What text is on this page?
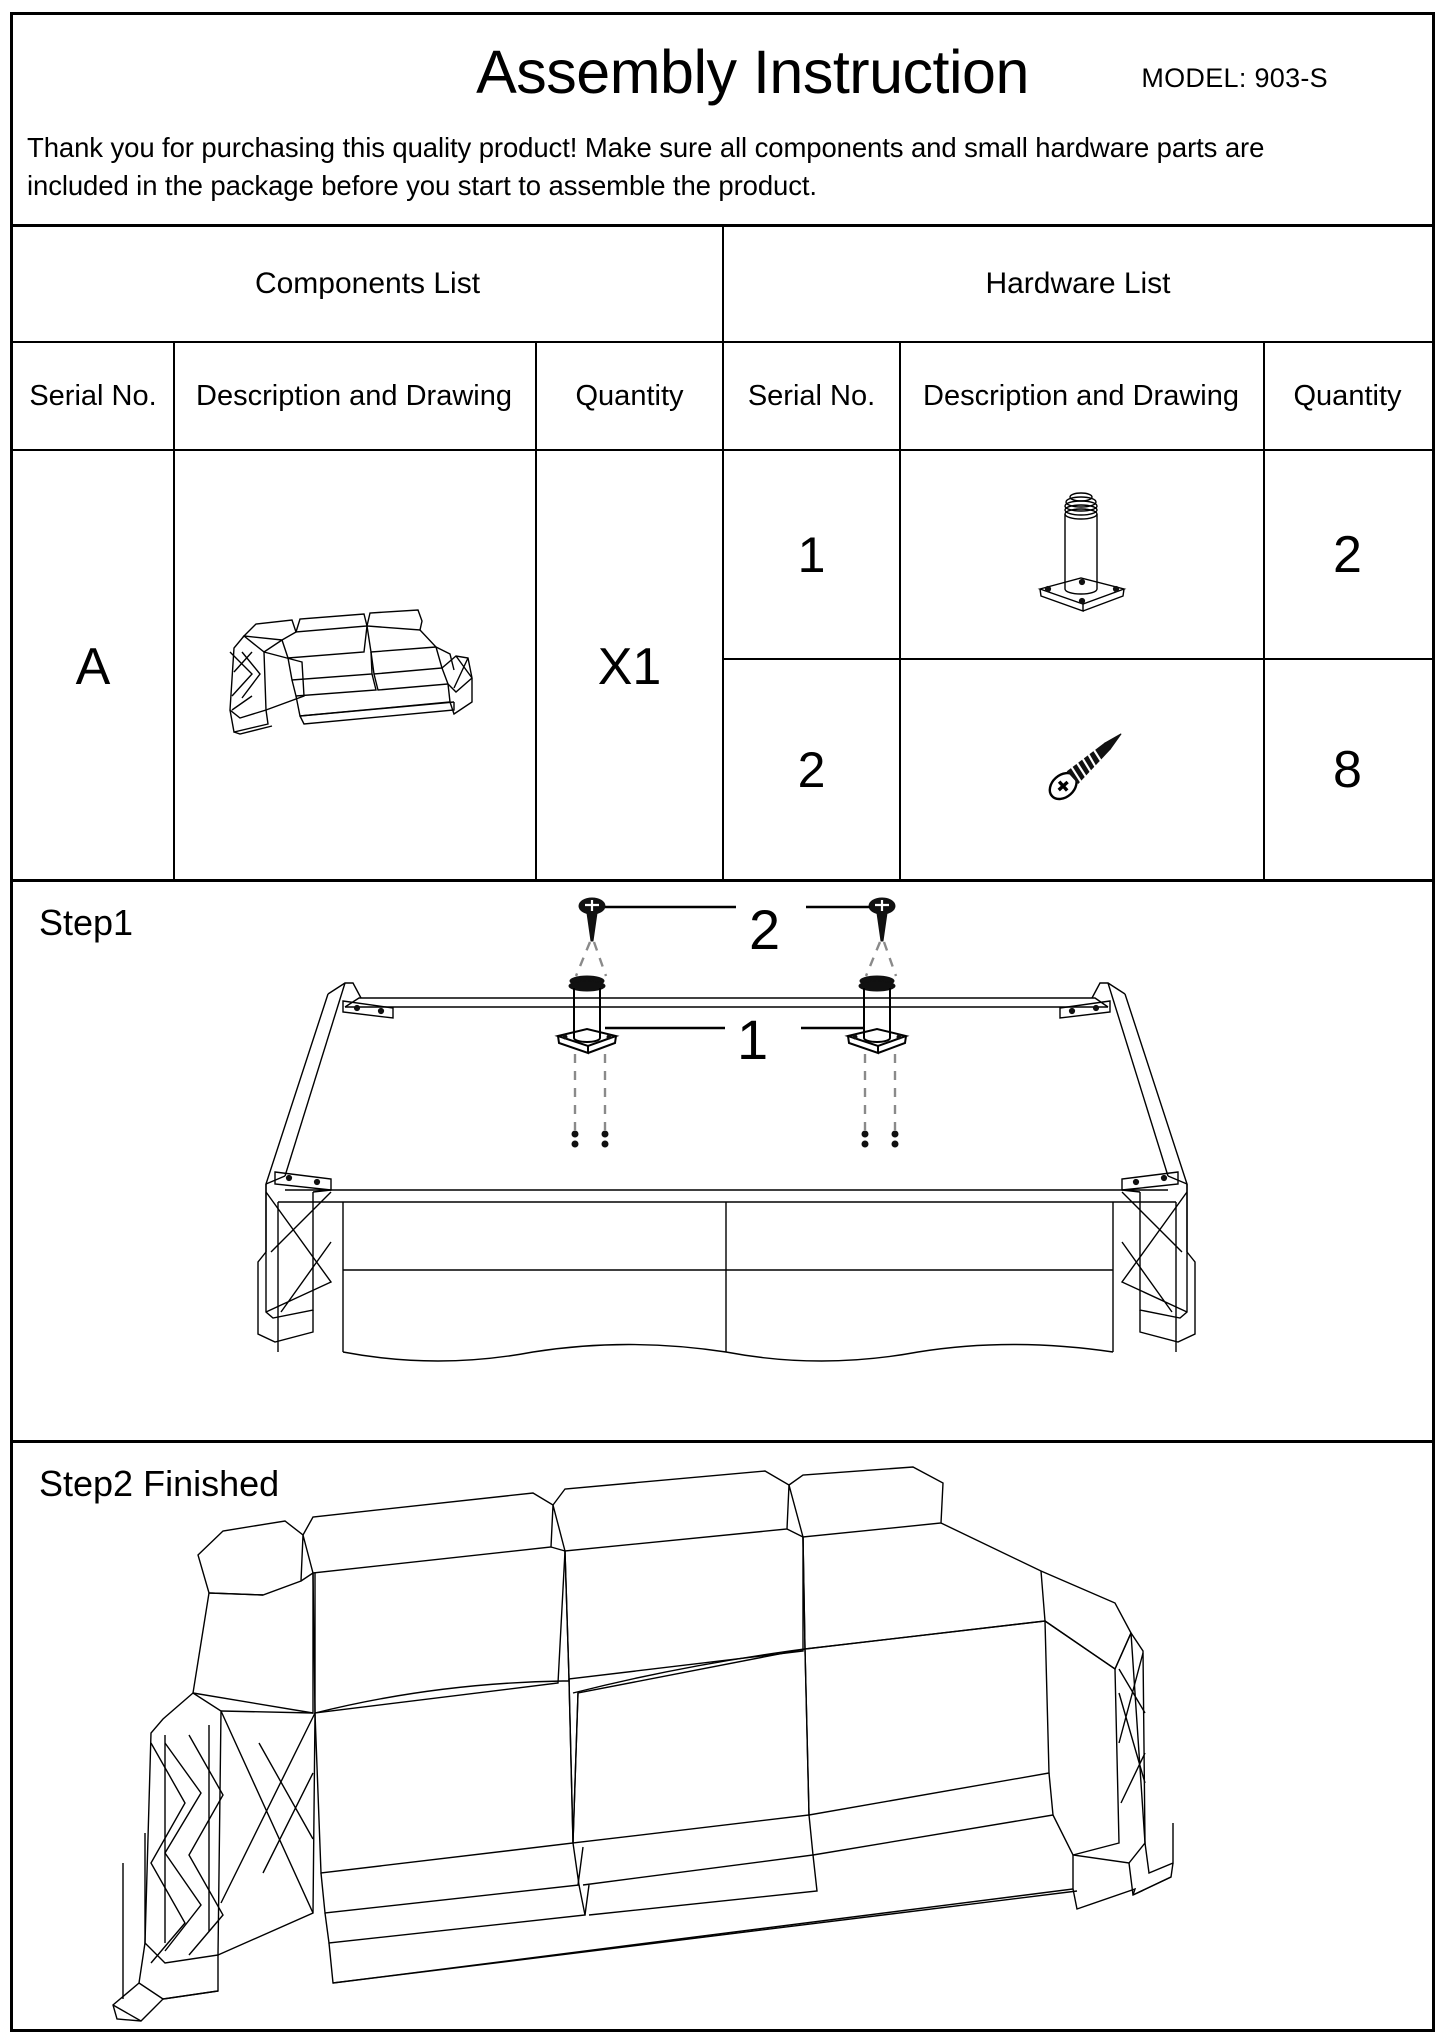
Assembly Instruction	MODEL: 903-S
Thank you for purchasing this quality product! Make sure all components and small hardware parts are
included in the package before you start to assemble the product.
Components List
Serial No.	Description and Drawing	Quantity
A	X1
Hardware List
Serial No.	Description and Drawing	Quantity
1	2
2	8
Step1	2
1
Step2 Finished
